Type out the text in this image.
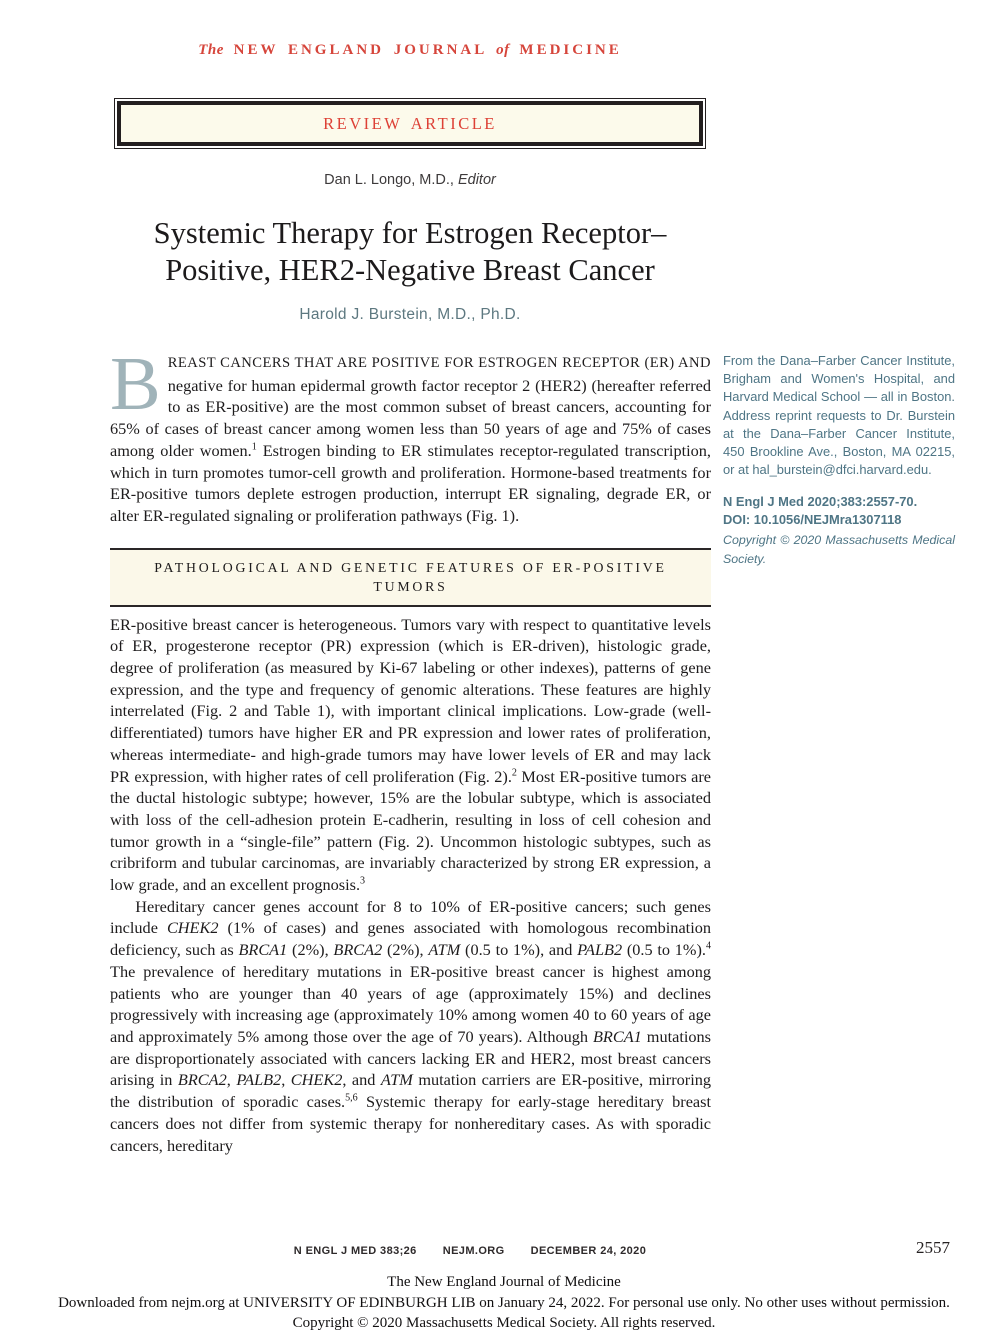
The NEW ENGLAND JOURNAL of MEDICINE
REVIEW ARTICLE
Dan L. Longo, M.D., Editor
Systemic Therapy for Estrogen Receptor–
Positive, HER2-Negative Breast Cancer
Harold J. Burstein, M.D., Ph.D.

BREAST CANCERS THAT ARE POSITIVE FOR ESTROGEN RECEPTOR (ER) AND negative for human epidermal growth factor receptor 2 (HER2) (hereafter referred to as ER-positive) are the most common subset of breast cancers, accounting for 65% of cases of breast cancer among women less than 50 years of age and 75% of cases among older women.$^1$ Estrogen binding to ER stimulates receptor-regulated transcription, which in turn promotes tumor-cell growth and proliferation. Hormone-based treatments for ER-positive tumors deplete estrogen production, interrupt ER signaling, degrade ER, or alter ER-regulated signaling or proliferation pathways (Fig. 1).

PATHOLOGICAL AND GENETIC FEATURES OF ER-POSITIVE
TUMORS

ER-positive breast cancer is heterogeneous. Tumors vary with respect to quantitative levels of ER, progesterone receptor (PR) expression (which is ER-driven), histologic grade, degree of proliferation (as measured by Ki-67 labeling or other indexes), patterns of gene expression, and the type and frequency of genomic alterations. These features are highly interrelated (Fig. 2 and Table 1), with important clinical implications. Low-grade (well-differentiated) tumors have higher ER and PR expression and lower rates of proliferation, whereas intermediate- and high-grade tumors may have lower levels of ER and may lack PR expression, with higher rates of cell proliferation (Fig. 2).$^2$ Most ER-positive tumors are the ductal histologic subtype; however, 15% are the lobular subtype, which is associated with loss of the cell-adhesion protein E-cadherin, resulting in loss of cell cohesion and tumor growth in a “single-file” pattern (Fig. 2). Uncommon histologic subtypes, such as cribriform and tubular carcinomas, are invariably characterized by strong ER expression, a low grade, and an excellent prognosis.$^3$

Hereditary cancer genes account for 8 to 10% of ER-positive cancers; such genes include CHEK2 (1% of cases) and genes associated with homologous recombination deficiency, such as BRCA1 (2%), BRCA2 (2%), ATM (0.5 to 1%), and PALB2 (0.5 to 1%).$^4$ The prevalence of hereditary mutations in ER-positive breast cancer is highest among patients who are younger than 40 years of age (approximately 15%) and declines progressively with increasing age (approximately 10% among women 40 to 60 years of age and approximately 5% among those over the age of 70 years). Although BRCA1 mutations are disproportionately associated with cancers lacking ER and HER2, most breast cancers arising in BRCA2, PALB2, CHEK2, and ATM mutation carriers are ER-positive, mirroring the distribution of sporadic cases.$^{5,6}$ Systemic therapy for early-stage hereditary breast cancers does not differ from systemic therapy for nonhereditary cases. As with sporadic cancers, hereditary

From the Dana–Farber Cancer Institute, Brigham and Women's Hospital, and Harvard Medical School — all in Boston. Address reprint requests to Dr. Burstein at the Dana–Farber Cancer Institute, 450 Brookline Ave., Boston, MA 02215, or at hal_burstein@dfci.harvard.edu.

N Engl J Med 2020;383:2557-70.

DOI: 10.1056/NEJMra1307118

Copyright © 2020 Massachusetts Medical Society.

N ENGL J MED 383;26 NEJM.ORG DECEMBER 24, 2020	2557
The New England Journal of Medicine
Downloaded from nejm.org at UNIVERSITY OF EDINBURGH LIB on January 24, 2022. For personal use only. No other uses without permission.
Copyright © 2020 Massachusetts Medical Society. All rights reserved.
